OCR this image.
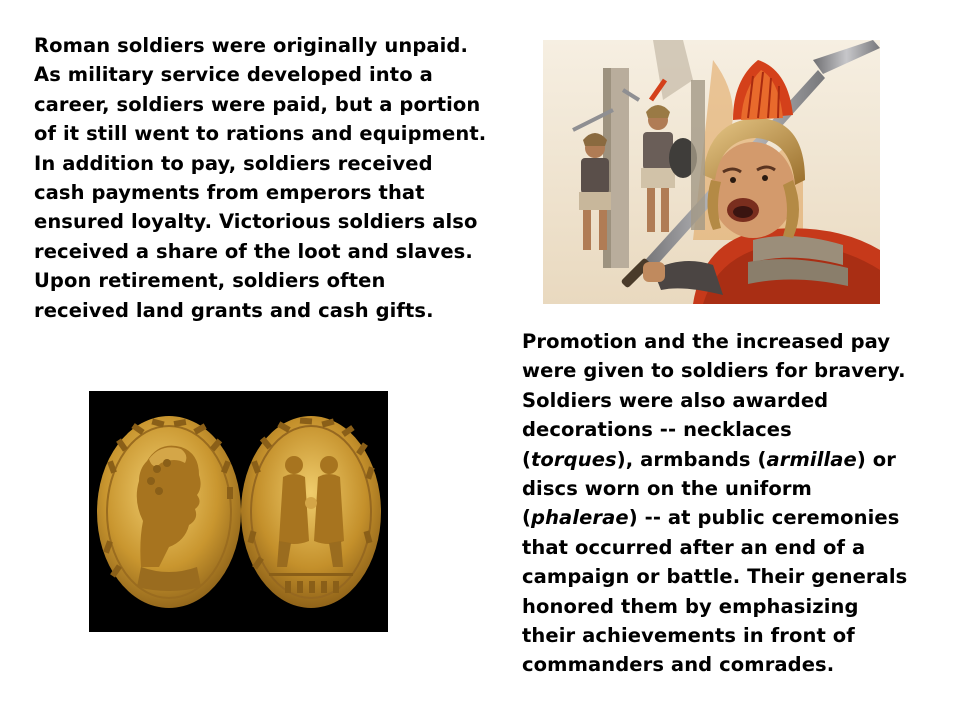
Roman soldiers were originally unpaid.
As military service developed into a
career, soldiers were paid, but a portion
of it still went to rations and equipment.
In addition to pay, soldiers received
cash payments from emperors that
ensured loyalty. Victorious soldiers also
received a share of the loot and slaves.
Upon retirement, soldiers often
received land grants and cash gifts.
Promotion and the increased pay
were given to soldiers for bravery.
Soldiers were also awarded
decorations -- necklaces
(torques), armbands (armillae) or
discs worn on the uniform
(phalerae) -- at public ceremonies
that occurred after an end of a
campaign or battle. Their generals
honored them by emphasizing
their achievements in front of
commanders and comrades.
